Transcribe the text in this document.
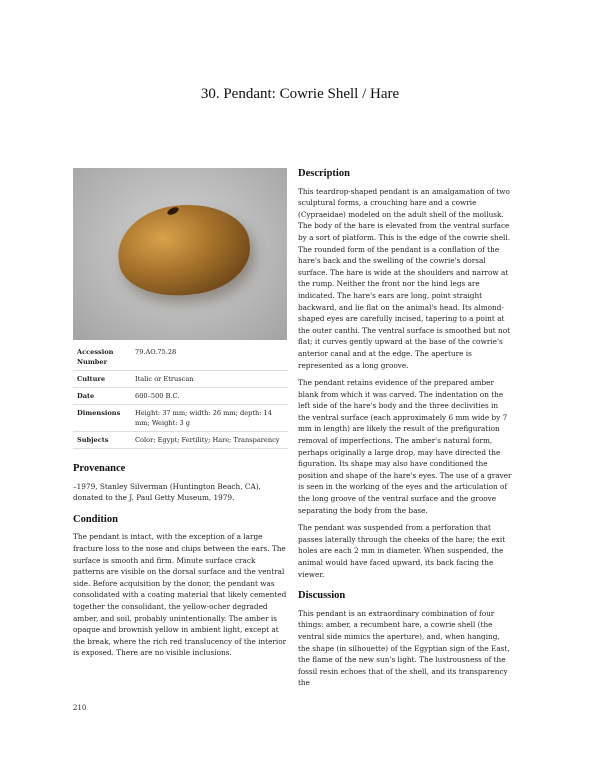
30. Pendant: Cowrie Shell / Hare
Accession Number	79.AO.75.28
Culture	Italic or Etruscan
Date	600–500 B.C.
Dimensions	Height: 37 mm; width: 26 mm; depth: 14 mm; Weight: 3 g
Subjects	Color; Egypt; Fertility; Hare; Transparency
Provenance

–1979, Stanley Silverman (Huntington Beach, CA), donated to the J. Paul Getty Museum, 1979.

Condition

The pendant is intact, with the exception of a large fracture loss to the nose and chips between the ears. The surface is smooth and firm. Minute surface crack patterns are visible on the dorsal surface and the ventral side. Before acquisition by the donor, the pendant was consolidated with a coating material that likely cemented together the consolidant, the yellow-ocher degraded amber, and soil, probably unintentionally. The amber is opaque and brownish yellow in ambient light, except at the break, where the rich red translucency of the interior is exposed. There are no visible inclusions.

Description

This teardrop-shaped pendant is an amalgamation of two sculptural forms, a crouching hare and a cowrie (Cypraeidae) modeled on the adult shell of the mollusk. The body of the hare is elevated from the ventral surface by a sort of platform. This is the edge of the cowrie shell. The rounded form of the pendant is a conflation of the hare's back and the swelling of the cowrie's dorsal surface. The hare is wide at the shoulders and narrow at the rump. Neither the front nor the hind legs are indicated. The hare's ears are long, point straight backward, and lie flat on the animal's head. Its almond-shaped eyes are carefully incised, tapering to a point at the outer canthi. The ventral surface is smoothed but not flat; it curves gently upward at the base of the cowrie's anterior canal and at the edge. The aperture is represented as a long groove.

The pendant retains evidence of the prepared amber blank from which it was carved. The indentation on the left side of the hare's body and the three declivities in the ventral surface (each approximately 6 mm wide by 7 mm in length) are likely the result of the prefiguration removal of imperfections. The amber's natural form, perhaps originally a large drop, may have directed the figuration. Its shape may also have conditioned the position and shape of the hare's eyes. The use of a graver is seen in the working of the eyes and the articulation of the long groove of the ventral surface and the groove separating the body from the base.

The pendant was suspended from a perforation that passes laterally through the cheeks of the hare; the exit holes are each 2 mm in diameter. When suspended, the animal would have faced upward, its back facing the viewer.

Discussion

This pendant is an extraordinary combination of four things: amber, a recumbent hare, a cowrie shell (the ventral side mimics the aperture), and, when hanging, the shape (in silhouette) of the Egyptian sign of the East, the flame of the new sun's light. The lustrousness of the fossil resin echoes that of the shell, and its transparency the

210
